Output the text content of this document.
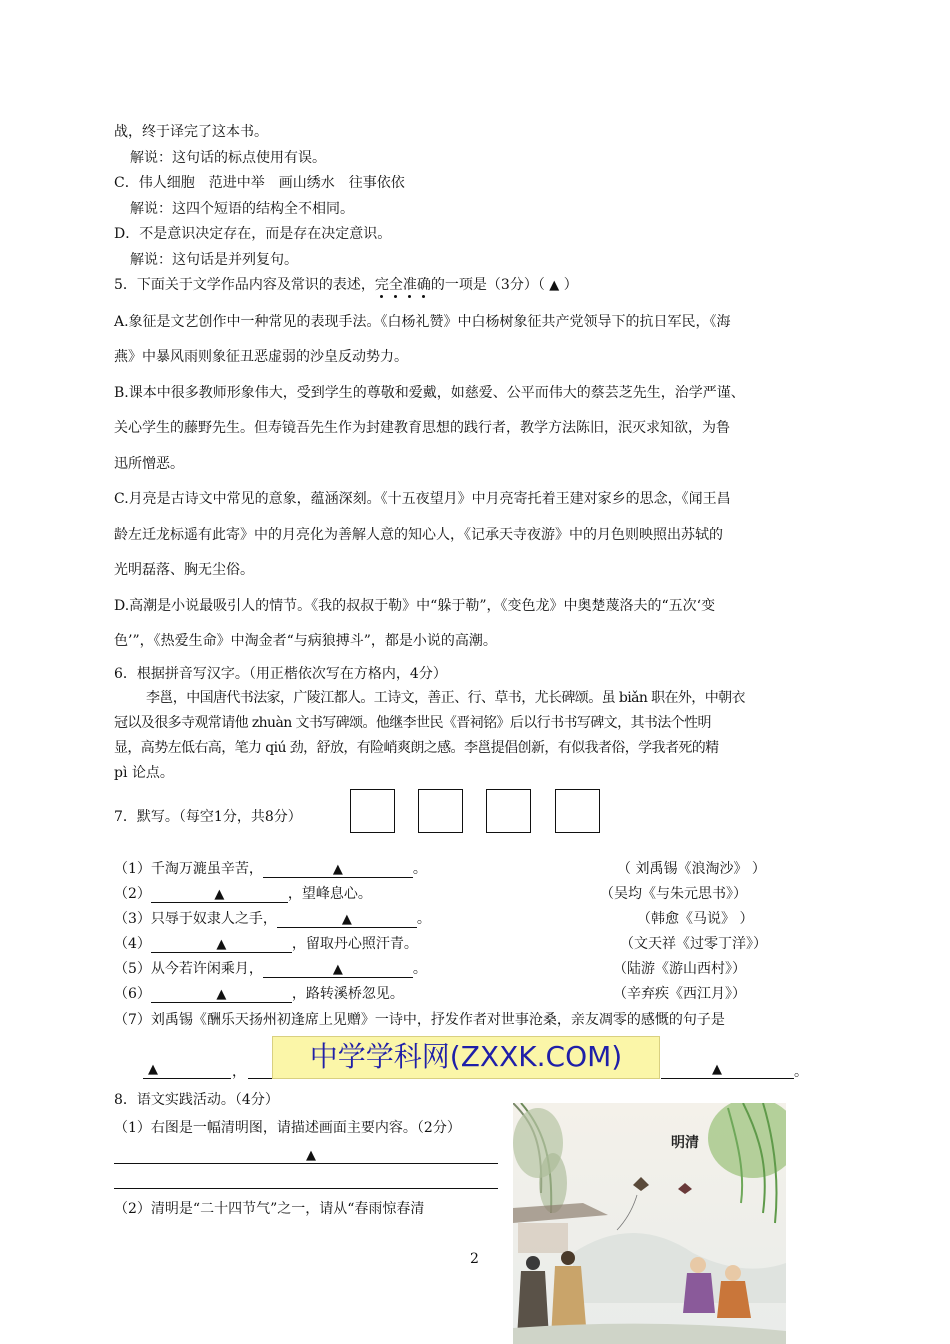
战，终于译完了这本书。
解说：这句话的标点使用有误。
C．伟人细胞　范进中举　画山绣水　往事依依
解说：这四个短语的结构全不相同。
D．不是意识决定存在，而是存在决定意识。
解说：这句话是并列复句。
5．下面关于文学作品内容及常识的表述，完全准确的一项是（3分）（ ▲ ）
A.象征是文艺创作中一种常见的表现手法。《白杨礼赞》中白杨树象征共产党领导下的抗日军民，《海
燕》中暴风雨则象征丑恶虚弱的沙皇反动势力。
B.课本中很多教师形象伟大，受到学生的尊敬和爱戴，如慈爱、公平而伟大的蔡芸芝先生，治学严谨、
关心学生的藤野先生。但寿镜吾先生作为封建教育思想的践行者，教学方法陈旧，泯灭求知欲，为鲁
迅所憎恶。
C.月亮是古诗文中常见的意象，蕴涵深刻。《十五夜望月》中月亮寄托着王建对家乡的思念，《闻王昌
龄左迁龙标遥有此寄》中的月亮化为善解人意的知心人，《记承天寺夜游》中的月色则映照出苏轼的
光明磊落、胸无尘俗。
D.高潮是小说最吸引人的情节。《我的叔叔于勒》中“躲于勒”，《变色龙》中奥楚蔑洛夫的“五次‘变
色’”，《热爱生命》中淘金者“与病狼搏斗”，都是小说的高潮。
6．根据拼音写汉字。（用正楷依次写在方格内，4分）
李邕，中国唐代书法家，广陵江都人。工诗文，善正、行、草书，尤长碑颂。虽 biǎn 职在外，中朝衣
冠以及很多寺观常请他 zhuàn 文书写碑颂。他继李世民《晋祠铭》后以行书书写碑文，其书法个性明
显，高势左低右高，笔力 qiú 劲，舒放，有险峭爽朗之感。李邕提倡创新，有似我者俗，学我者死的精
pì 论点。
7．默写。（每空1分，共8分）
（1）千淘万漉虽辛苦，	▲	。	（ 刘禹锡《浪淘沙》 ）
（2）	▲	，望峰息心。	（吴均《与朱元思书》）
（3）只辱于奴隶人之手，	▲	。	（韩愈《马说》 ）
（4）	▲	，留取丹心照汗青。	（文天祥《过零丁洋》）
（5）从今若许闲乘月，	▲	。	（陆游《游山西村》）
（6）	▲	，路转溪桥忽见。	（辛弃疾《西江月》）
（7）刘禹锡《酬乐天扬州初逢席上见赠》一诗中，抒发作者对世事沧桑，亲友凋零的感慨的句子是
▲	，	▲	。
中学学科网(ZXXK.COM)
8．语文实践活动。（4分）
（1）右图是一幅清明图，请描述画面主要内容。（2分）
▲
（2）清明是“二十四节气”之一，请从“春雨惊春清
明清
2
